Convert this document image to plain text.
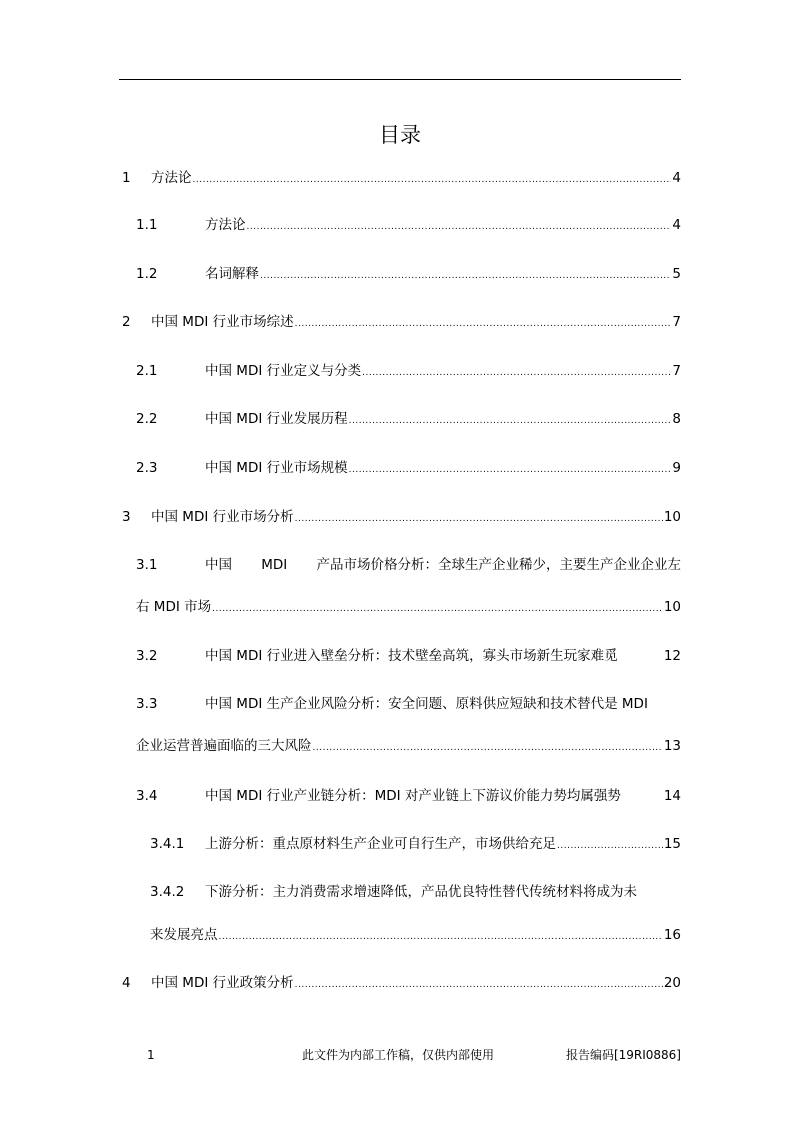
目录
1 方法论 .....	4
1.1	方法论 .....	4
1.2	名词解释 .....	5
2 中国 MDI 行业市场综述 .....	7
2.1	中国 MDI 行业定义与分类 .....	7
2.2	中国 MDI 行业发展历程 .....	8
2.3	中国 MDI 行业市场规模 .....	9
3 中国 MDI 行业市场分析 .....	10
3.1	中国 MDI 产品市场价格分析：全球生产企业稀少，主要生产企业企业左
右 MDI 市场 .....	10
3.2	中国 MDI 行业进入壁垒分析：技术壁垒高筑，寡头市场新生玩家难觅	12
3.3	中国 MDI 生产企业风险分析：安全问题、原料供应短缺和技术替代是 MDI
企业运营普遍面临的三大风险 .....	13
3.4	中国 MDI 行业产业链分析：MDI 对产业链上下游议价能力势均属强势	14
3.4.1 上游分析：重点原材料生产企业可自行生产，市场供给充足 .....	15
3.4.2 下游分析：主力消费需求增速降低，产品优良特性替代传统材料将成为未
来发展亮点 .....	16
4 中国 MDI 行业政策分析 .....	20
1	此文件为内部工作稿，仅供内部使用	报告编码[19RI0886]
